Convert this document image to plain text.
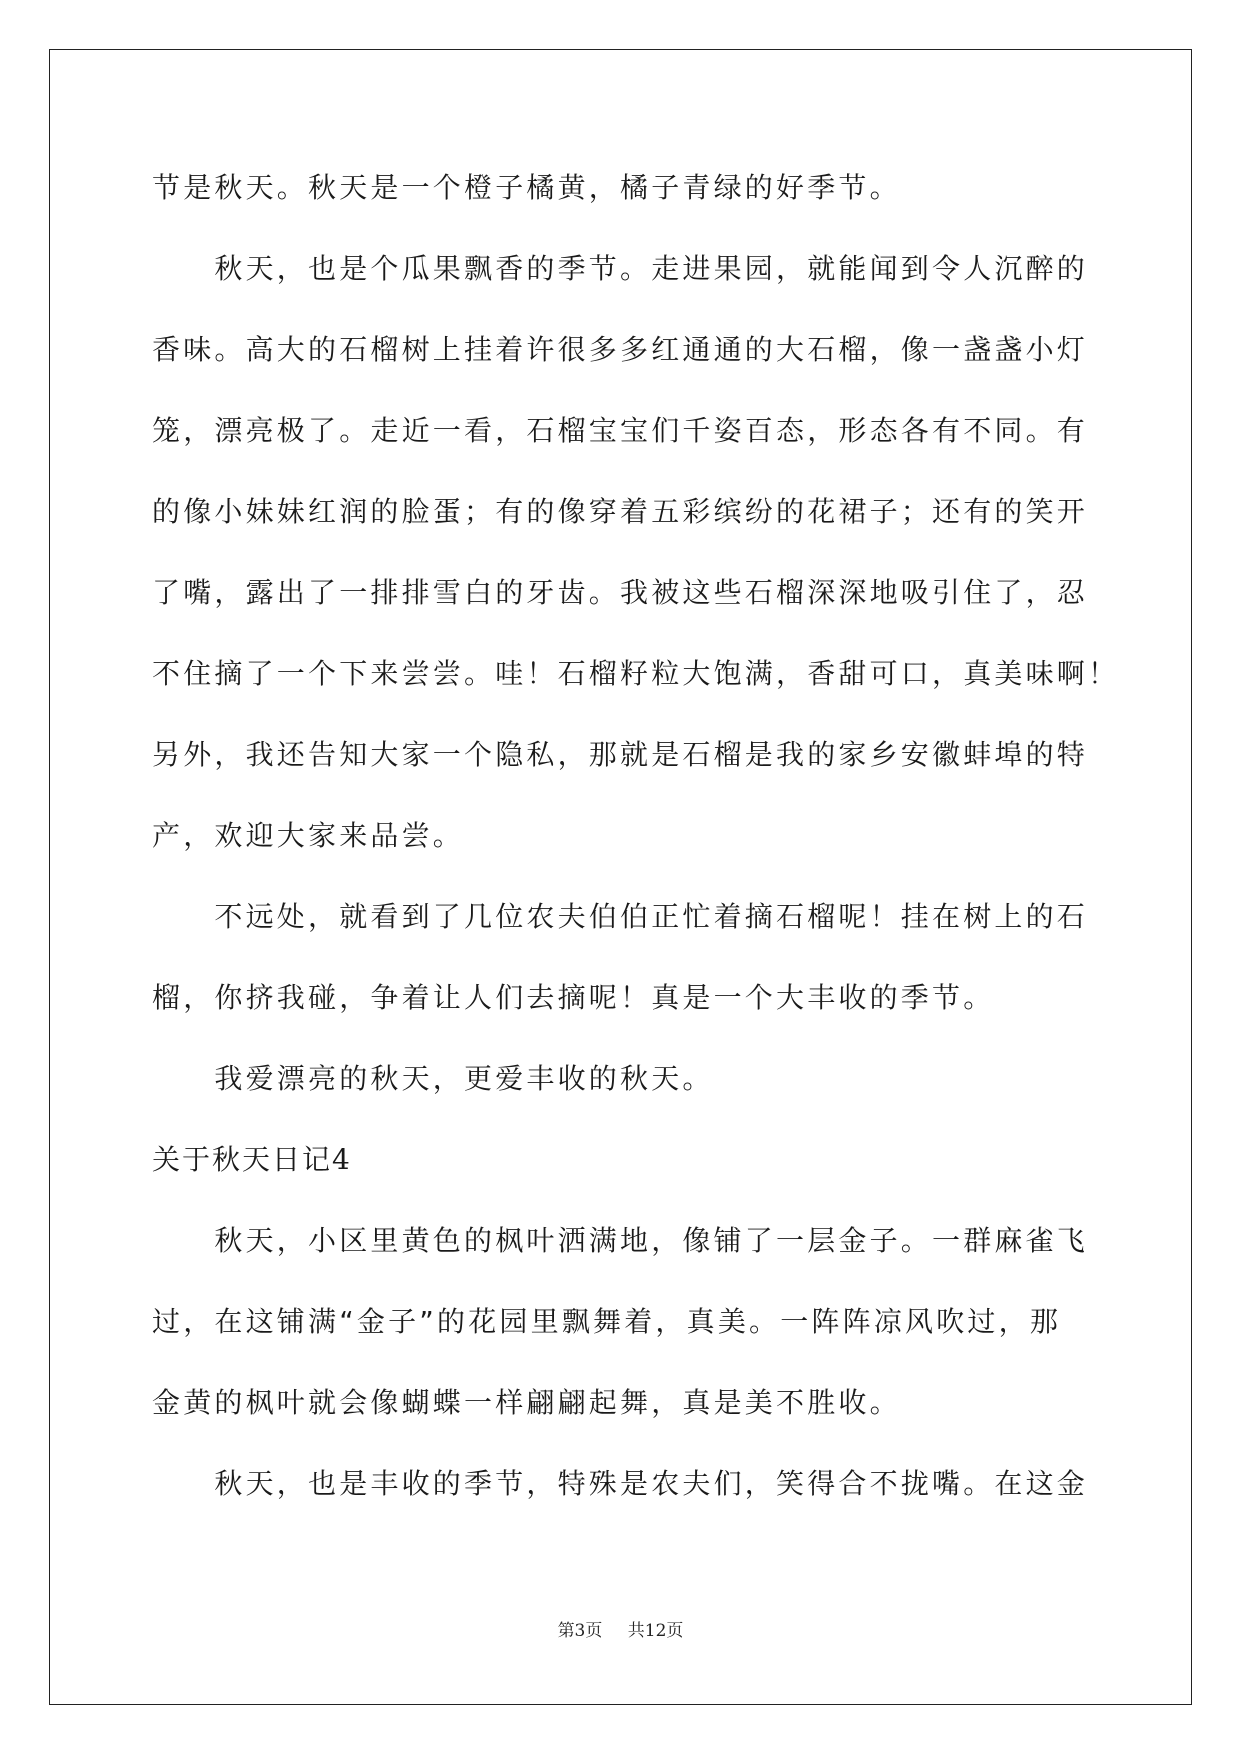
节是秋天。秋天是一个橙子橘黄，橘子青绿的好季节。
　　秋天，也是个瓜果飘香的季节。走进果园，就能闻到令人沉醉的
香味。高大的石榴树上挂着许很多多红通通的大石榴，像一盏盏小灯
笼，漂亮极了。走近一看，石榴宝宝们千姿百态，形态各有不同。有
的像小妹妹红润的脸蛋；有的像穿着五彩缤纷的花裙子；还有的笑开
了嘴，露出了一排排雪白的牙齿。我被这些石榴深深地吸引住了，忍
不住摘了一个下来尝尝。哇！石榴籽粒大饱满，香甜可口，真美味啊！
另外，我还告知大家一个隐私，那就是石榴是我的家乡安徽蚌埠的特
产，欢迎大家来品尝。
　　不远处，就看到了几位农夫伯伯正忙着摘石榴呢！挂在树上的石
榴，你挤我碰，争着让人们去摘呢！真是一个大丰收的季节。
　　我爱漂亮的秋天，更爱丰收的秋天。
关于秋天日记4
　　秋天，小区里黄色的枫叶洒满地，像铺了一层金子。一群麻雀飞
过，在这铺满“金子”的花园里飘舞着，真美。一阵阵凉风吹过，那
金黄的枫叶就会像蝴蝶一样翩翩起舞，真是美不胜收。
　　秋天，也是丰收的季节，特殊是农夫们，笑得合不拢嘴。在这金
第3页 共12页
